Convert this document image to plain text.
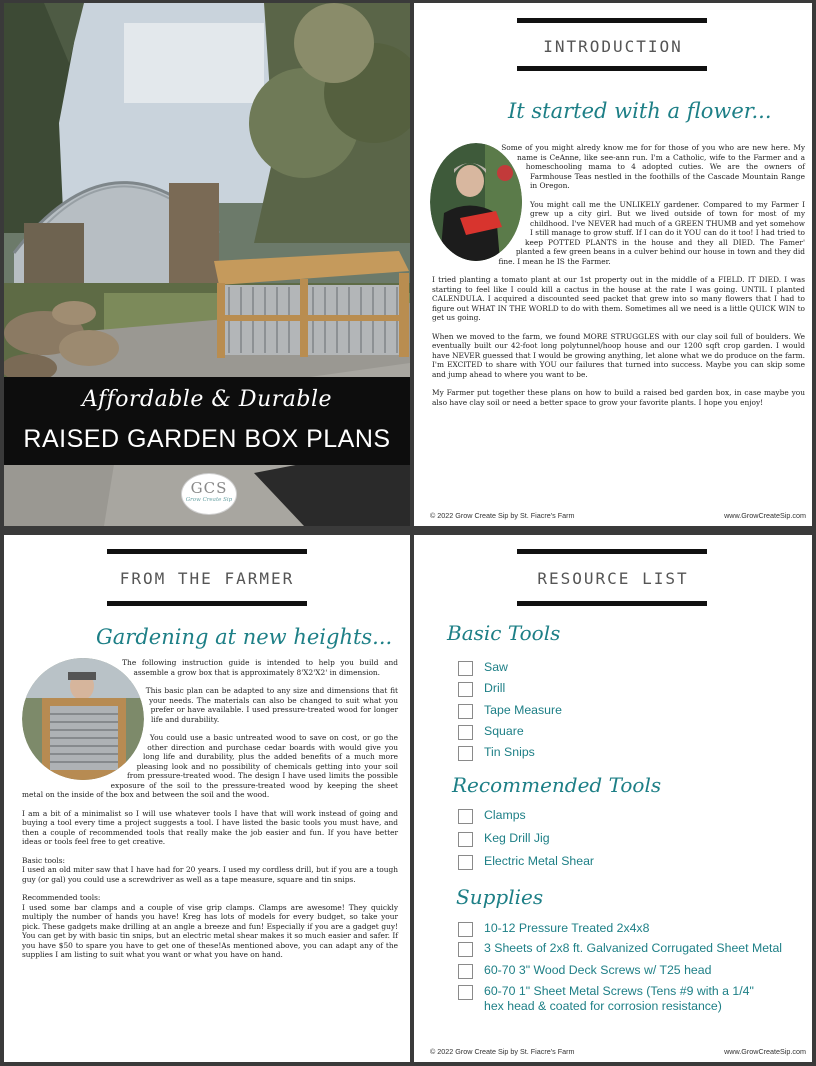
Affordable & Durable
RAISED GARDEN BOX PLANS
GCS
Grow Create Sip
INTRODUCTION
It started with a flower...

Some of you might alredy know me for for those of you who are new here. My name is CeAnne, like see-ann run. I'm a Catholic, wife to the Farmer and a homeschooling mama to 4 adopted cuties. We are the owners of Farmhouse Teas nestled in the foothills of the Cascade Mountain Range in Oregon.

You might call me the UNLIKELY gardener. Compared to my Farmer I grew up a city girl. But we lived outside of town for most of my childhood. I've NEVER had much of a GREEN THUMB and yet somehow I still manage to grow stuff. If I can do it YOU can do it too! I had tried to keep POTTED PLANTS in the house and they all DIED. The Famer' planted a few green beans in a culver behind our house in town and they did fine. I mean he IS the Farmer.

I tried planting a tomato plant at our 1st property out in the middle of a FIELD. IT DIED. I was starting to feel like I could kill a cactus in the house at the rate I was going. UNTIL I planted CALENDULA. I acquired a discounted seed packet that grew into so many flowers that I had to figure out WHAT IN THE WORLD to do with them. Sometimes all we need is a little QUICK WIN to get us going.

When we moved to the farm, we found MORE STRUGGLES with our clay soil full of boulders. We eventually built our 42-foot long polytunnel/hoop house and our 1200 sqft crop garden. I would have NEVER guessed that I would be growing anything, let alone what we do produce on the farm. I'm EXCITED to share with YOU our failures that turned into success. Maybe you can skip some and jump ahead to where you want to be.

My Farmer put together these plans on how to build a raised bed garden box, in case maybe you also have clay soil or need a better space to grow your favorite plants. I hope you enjoy!

© 2022 Grow Create Sip by St. Fiacre's Farm	www.GrowCreateSip.com
FROM THE FARMER
Gardening at new heights...

The following instruction guide is intended to help you build and assemble a grow box that is approximately 8'X2'X2' in dimension.

This basic plan can be adapted to any size and dimensions that fit your needs. The materials can also be changed to suit what you prefer or have available. I used pressure-treated wood for longer life and durability.

You could use a basic untreated wood to save on cost, or go the other direction and purchase cedar boards with would give you long life and durability, plus the added benefits of a much more pleasing look and no possibility of chemicals getting into your soil from pressure-treated wood. The design I have used limits the possible exposure of the soil to the pressure-treated wood by keeping the sheet metal on the inside of the box and between the soil and the wood.

I am a bit of a minimalist so I will use whatever tools I have that will work instead of going and buying a tool every time a project suggests a tool. I have listed the basic tools you must have, and then a couple of recommended tools that really make the job easier and fun. If you have better ideas or tools feel free to get creative.

Basic tools:
I used an old miter saw that I have had for 20 years. I used my cordless drill, but if you are a tough guy (or gal) you could use a screwdriver as well as a tape measure, square and tin snips.

Recommended tools:
I used some bar clamps and a couple of vise grip clamps. Clamps are awesome! They quickly multiply the number of hands you have! Kreg has lots of models for every budget, so take your pick. These gadgets make drilling at an angle a breeze and fun! Especially if you are a gadget guy! You can get by with basic tin snips, but an electric metal shear makes it so much easier and safer. If you have $50 to spare you have to get one of these!As mentioned above, you can adapt any of the supplies I am listing to suit what you want or what you have on hand.

RESOURCE LIST
Basic Tools
Saw
Drill
Tape Measure
Square
Tin Snips
Recommended Tools
Clamps
Keg Drill Jig
Electric Metal Shear
Supplies
10-12 Pressure Treated 2x4x8
3 Sheets of 2x8 ft. Galvanized Corrugated Sheet Metal
60-70 3" Wood Deck Screws w/ T25 head
60-70 1" Sheet Metal Screws (Tens #9 with a 1/4" hex head & coated for corrosion resistance)
© 2022 Grow Create Sip by St. Fiacre's Farm	www.GrowCreateSip.com
